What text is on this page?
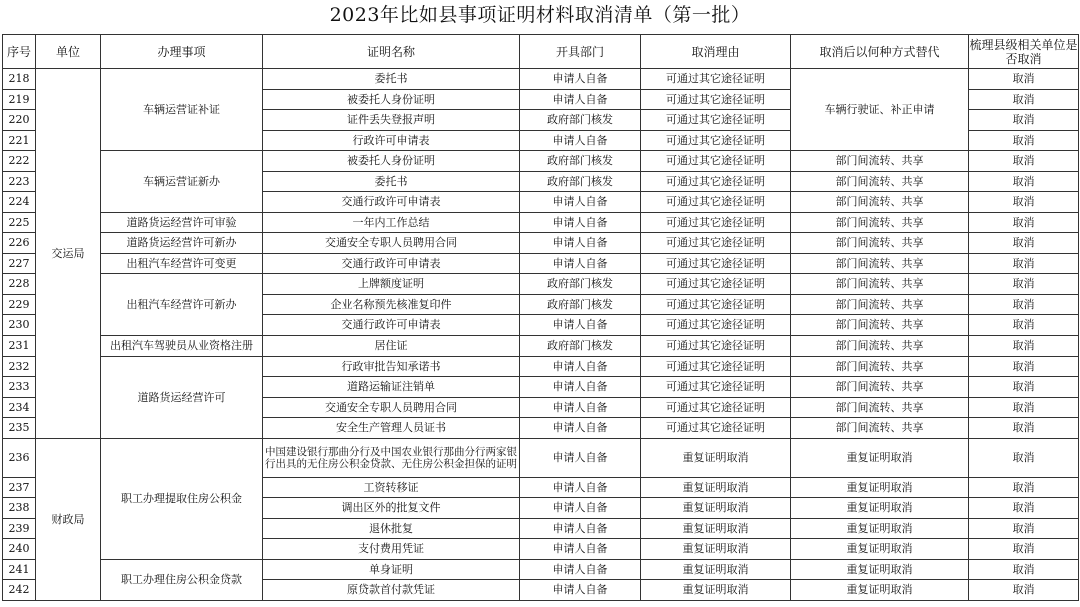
2023年比如县事项证明材料取消清单（第一批）
序号	单位	办理事项	证明名称	开具部门	取消理由	取消后以何种方式替代	梳理县级相关单位是否取消
218	交运局	车辆运营证补证	委托书	申请人自备	可通过其它途径证明	车辆行驶证、补正申请	取消
219			被委托人身份证明	申请人自备	可通过其它途径证明		取消
220			证件丢失登报声明	政府部门核发	可通过其它途径证明		取消
221			行政许可申请表	申请人自备	可通过其它途径证明		取消
222		车辆运营证新办	被委托人身份证明	政府部门核发	可通过其它途径证明	部门间流转、共享	取消
223			委托书	政府部门核发	可通过其它途径证明	部门间流转、共享	取消
224			交通行政许可申请表	申请人自备	可通过其它途径证明	部门间流转、共享	取消
225		道路货运经营许可审验	一年内工作总结	申请人自备	可通过其它途径证明	部门间流转、共享	取消
226		道路货运经营许可新办	交通安全专职人员聘用合同	申请人自备	可通过其它途径证明	部门间流转、共享	取消
227		出租汽车经营许可变更	交通行政许可申请表	申请人自备	可通过其它途径证明	部门间流转、共享	取消
228		出租汽车经营许可新办	上牌额度证明	政府部门核发	可通过其它途径证明	部门间流转、共享	取消
229			企业名称预先核准复印件	政府部门核发	可通过其它途径证明	部门间流转、共享	取消
230			交通行政许可申请表	申请人自备	可通过其它途径证明	部门间流转、共享	取消
231		出租汽车驾驶员从业资格注册	居住证	政府部门核发	可通过其它途径证明	部门间流转、共享	取消
232		道路货运经营许可	行政审批告知承诺书	申请人自备	可通过其它途径证明	部门间流转、共享	取消
233			道路运输证注销单	申请人自备	可通过其它途径证明	部门间流转、共享	取消
234			交通安全专职人员聘用合同	申请人自备	可通过其它途径证明	部门间流转、共享	取消
235			安全生产管理人员证书	申请人自备	可通过其它途径证明	部门间流转、共享	取消
236	财政局	职工办理提取住房公积金	中国建设银行那曲分行及中国农业银行那曲分行两家银行出具的无住房公积金贷款、无住房公积金担保的证明	申请人自备	重复证明取消	重复证明取消	取消
237			工资转移证	申请人自备	重复证明取消	重复证明取消	取消
238			调出区外的批复文件	申请人自备	重复证明取消	重复证明取消	取消
239			退休批复	申请人自备	重复证明取消	重复证明取消	取消
240			支付费用凭证	申请人自备	重复证明取消	重复证明取消	取消
241		职工办理住房公积金贷款	单身证明	申请人自备	重复证明取消	重复证明取消	取消
242			原贷款首付款凭证	申请人自备	重复证明取消	重复证明取消	取消
